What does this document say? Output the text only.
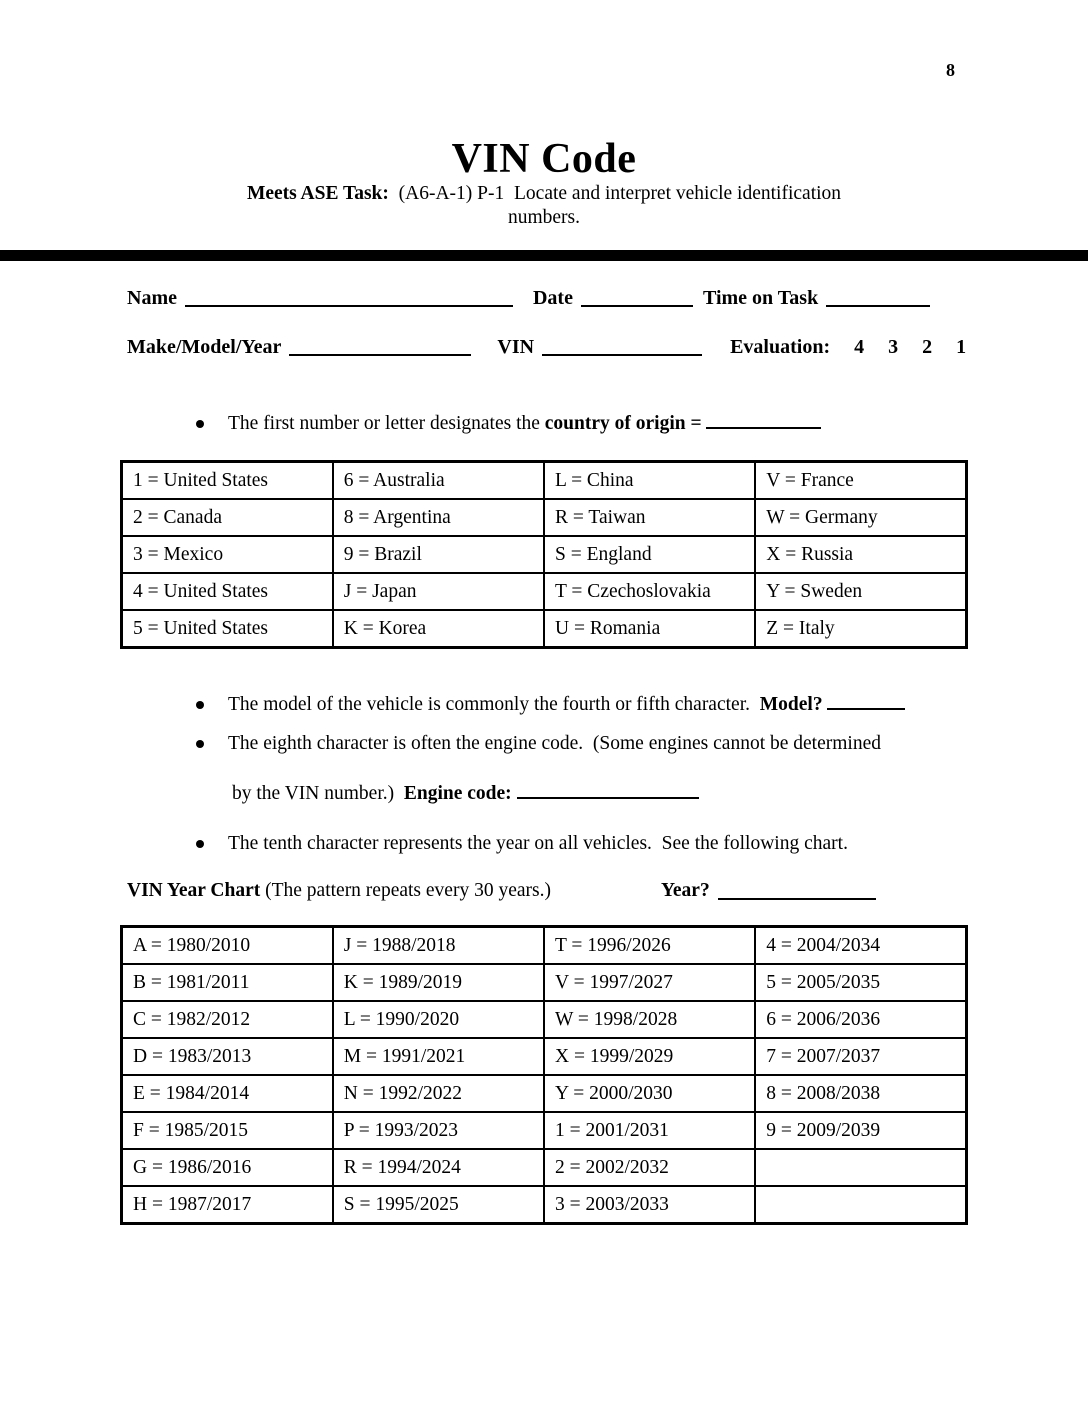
8
VIN Code
Meets ASE Task:  (A6-A-1) P-1  Locate and interpret vehicle identification
numbers.
Name	Date	Time on Task
Make/Model/Year	VIN	Evaluation: 4 3 2 1
The first number or letter designates the country of origin =
1 = United States	6 = Australia	L = China	V = France
2 = Canada	8 = Argentina	R = Taiwan	W = Germany
3 = Mexico	9 = Brazil	S = England	X = Russia
4 = United States	J = Japan	T = Czechoslovakia	Y = Sweden
5 = United States	K = Korea	U = Romania	Z = Italy
The model of the vehicle is commonly the fourth or fifth character.  Model?
The eighth character is often the engine code.  (Some engines cannot be determined
by the VIN number.)  Engine code:
The tenth character represents the year on all vehicles.  See the following chart.
VIN Year Chart (The pattern repeats every 30 years.)	Year?
A = 1980/2010	J = 1988/2018	T = 1996/2026	4 = 2004/2034
B = 1981/2011	K = 1989/2019	V = 1997/2027	5 = 2005/2035
C = 1982/2012	L = 1990/2020	W = 1998/2028	6 = 2006/2036
D = 1983/2013	M = 1991/2021	X = 1999/2029	7 = 2007/2037
E = 1984/2014	N = 1992/2022	Y = 2000/2030	8 = 2008/2038
F = 1985/2015	P = 1993/2023	1 = 2001/2031	9 = 2009/2039
G = 1986/2016	R = 1994/2024	2 = 2002/2032	
H = 1987/2017	S = 1995/2025	3 = 2003/2033	
